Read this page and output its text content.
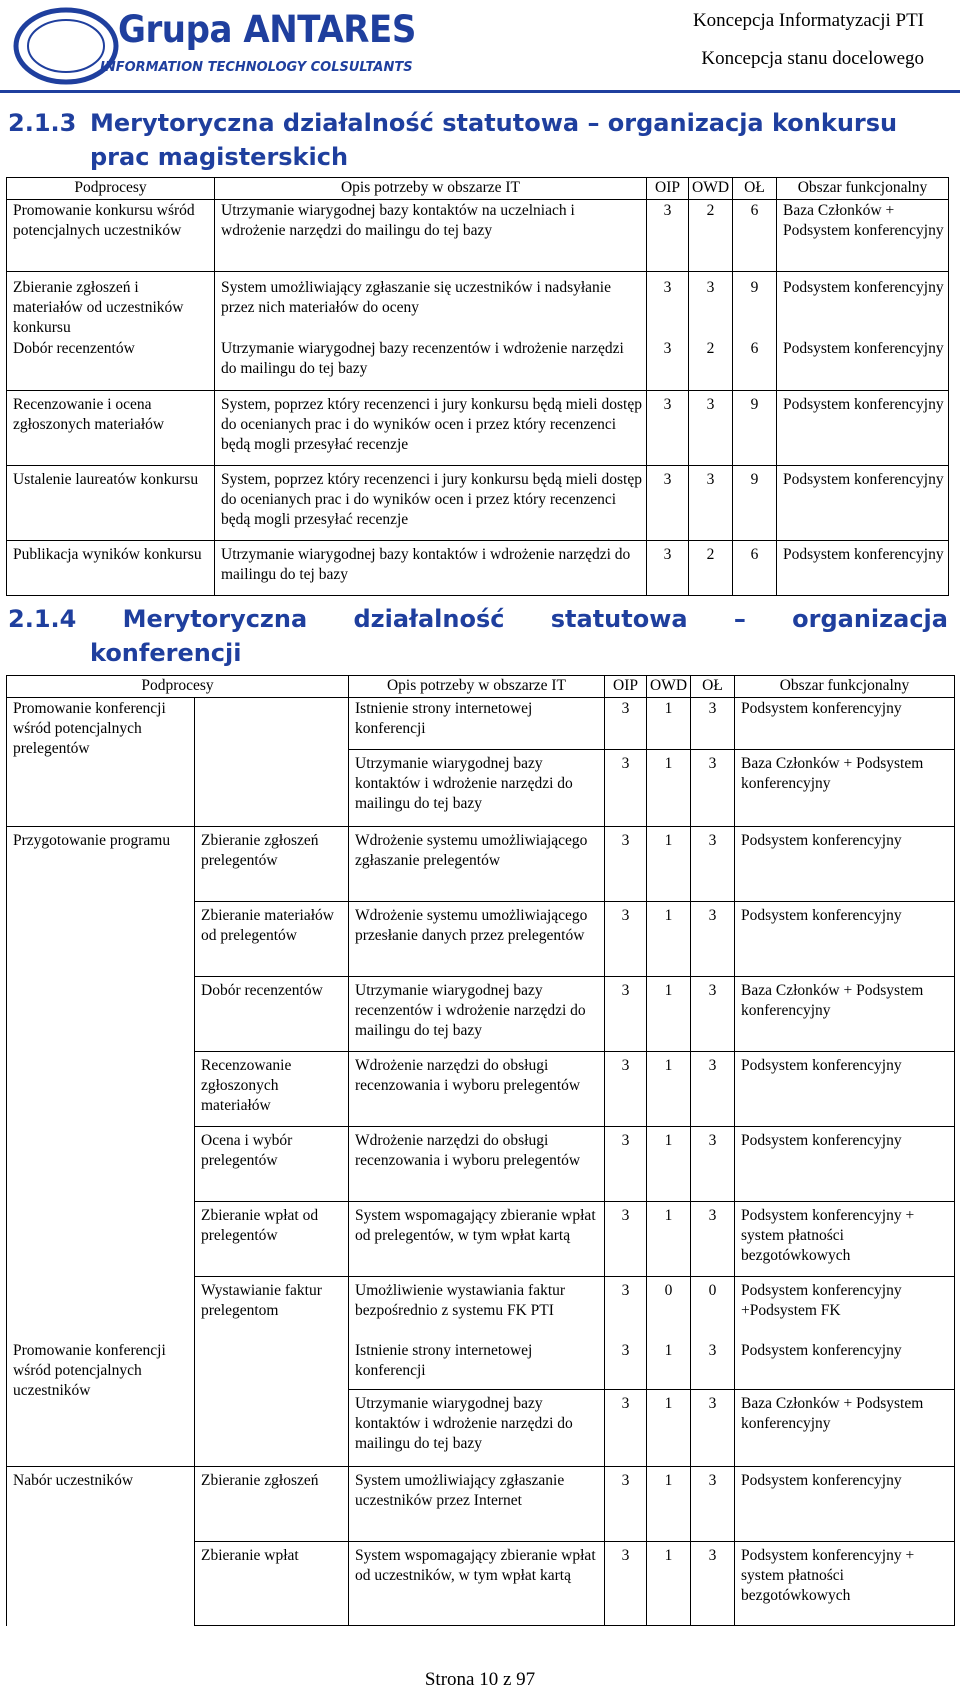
Grupa ANTARES
INFORMATION TECHNOLOGY COLSULTANTS
Koncepcja Informatyzacji PTI
Koncepcja stanu docelowego
2.1.3 Merytoryczna działalność statutowa – organizacja konkursu
prac magisterskich
Podprocesy	Opis potrzeby w obszarze IT	OIP	OWD	OŁ	Obszar funkcjonalny
Promowanie konkursu wśród potencjalnych uczestników	Utrzymanie wiarygodnej bazy kontaktów na uczelniach i wdrożenie narzędzi do mailingu do tej bazy	3	2	6	Baza Członków + Podsystem konferencyjny
Zbieranie zgłoszeń i materiałów od uczestników konkursu	System umożliwiający zgłaszanie się uczestników i nadsyłanie przez nich materiałów do oceny	3	3	9	Podsystem konferencyjny
Dobór recenzentów	Utrzymanie wiarygodnej bazy recenzentów i wdrożenie narzędzi do mailingu do tej bazy	3	2	6	Podsystem konferencyjny
Recenzowanie i ocena zgłoszonych materiałów	System, poprzez który recenzenci i jury konkursu będą mieli dostęp do ocenianych prac i do wyników ocen i przez który recenzenci będą mogli przesyłać recenzje	3	3	9	Podsystem konferencyjny
Ustalenie laureatów konkursu	System, poprzez który recenzenci i jury konkursu będą mieli dostęp do ocenianych prac i do wyników ocen i przez który recenzenci będą mogli przesyłać recenzje	3	3	9	Podsystem konferencyjny
Publikacja wyników konkursu	Utrzymanie wiarygodnej bazy kontaktów i wdrożenie narzędzi do mailingu do tej bazy	3	2	6	Podsystem konferencyjny
2.1.4 Merytoryczna działalność statutowa – organizacja
konferencji
Podprocesy		Opis potrzeby w obszarze IT	OIP	OWD	OŁ	Obszar funkcjonalny
Promowanie konferencji wśród potencjalnych prelegentów		Istnienie strony internetowej konferencji	3	1	3	Podsystem konferencyjny
		Utrzymanie wiarygodnej bazy kontaktów i wdrożenie narzędzi do mailingu do tej bazy	3	1	3	Baza Członków + Podsystem konferencyjny
Przygotowanie programu	Zbieranie zgłoszeń prelegentów	Wdrożenie systemu umożliwiającego zgłaszanie prelegentów	3	1	3	Podsystem konferencyjny
	Zbieranie materiałów od prelegentów	Wdrożenie systemu umożliwiającego przesłanie danych przez prelegentów	3	1	3	Podsystem konferencyjny
	Dobór recenzentów	Utrzymanie wiarygodnej bazy recenzentów i wdrożenie narzędzi do mailingu do tej bazy	3	1	3	Baza Członków + Podsystem konferencyjny
	Recenzowanie zgłoszonych materiałów	Wdrożenie narzędzi do obsługi recenzowania i wyboru prelegentów	3	1	3	Podsystem konferencyjny
	Ocena i wybór prelegentów	Wdrożenie narzędzi do obsługi recenzowania i wyboru prelegentów	3	1	3	Podsystem konferencyjny
	Zbieranie wpłat od prelegentów	System wspomagający zbieranie wpłat od prelegentów, w tym wpłat kartą	3	1	3	Podsystem konferencyjny + system płatności bezgotówkowych
	Wystawianie faktur prelegentom	Umożliwienie wystawiania faktur bezpośrednio z systemu FK PTI	3	0	0	Podsystem konferencyjny +Podsystem FK
Promowanie konferencji wśród potencjalnych uczestników		Istnienie strony internetowej konferencji	3	1	3	Podsystem konferencyjny
		Utrzymanie wiarygodnej bazy kontaktów i wdrożenie narzędzi do mailingu do tej bazy	3	1	3	Baza Członków + Podsystem konferencyjny
Nabór uczestników	Zbieranie zgłoszeń	System umożliwiający zgłaszanie uczestników przez Internet	3	1	3	Podsystem konferencyjny
	Zbieranie wpłat	System wspomagający zbieranie wpłat od uczestników, w tym wpłat kartą	3	1	3	Podsystem konferencyjny + system płatności bezgotówkowych
Strona 10 z 97
